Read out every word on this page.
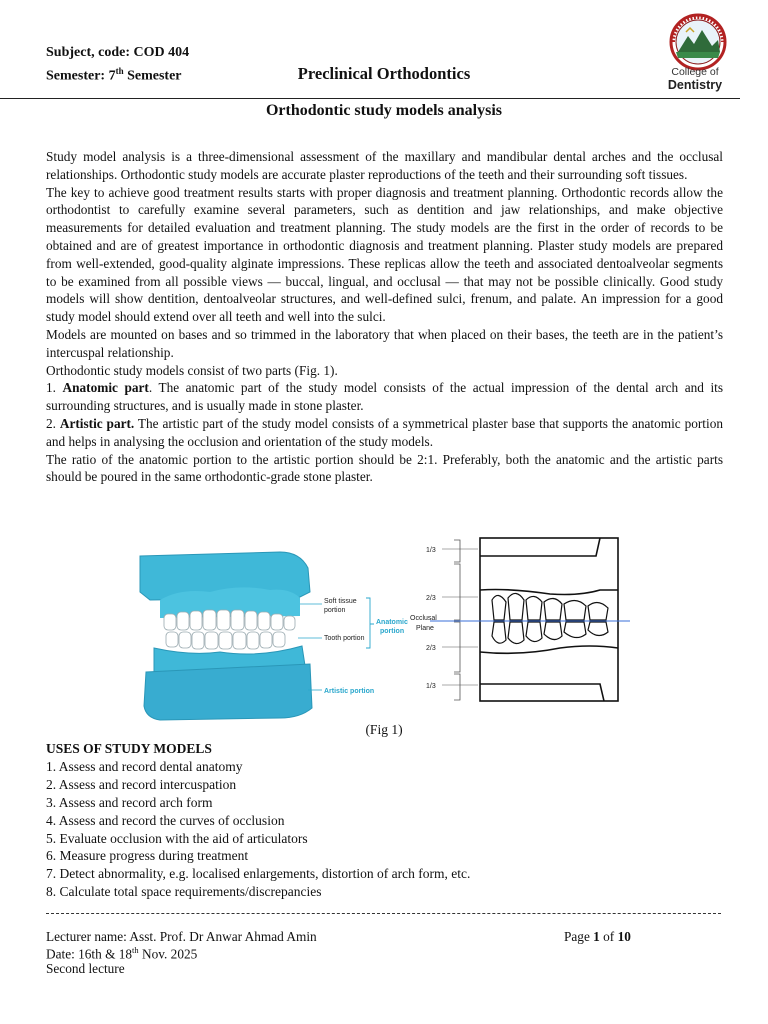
Subject, code: COD 404
Semester: 7th Semester	Preclinical Orthodontics	College of
Dentistry
Orthodontic study models analysis

Study model analysis is a three-dimensional assessment of the maxillary and mandibular dental arches and the occlusal relationships. Orthodontic study models are accurate plaster reproductions of the teeth and their surrounding soft tissues.

The key to achieve good treatment results starts with proper diagnosis and treatment planning. Orthodontic records allow the orthodontist to carefully examine several parameters, such as dentition and jaw relationships, and make objective measurements for detailed evaluation and treatment planning. The study models are the first in the order of records to be obtained and are of greatest importance in orthodontic diagnosis and treatment planning. Plaster study models are prepared from well-extended, good-quality alginate impressions. These replicas allow the teeth and associated dentoalveolar segments to be examined from all possible views — buccal, lingual, and occlusal — that may not be possible clinically. Good study models will show dentition, dentoalveolar structures, and well-defined sulci, frenum, and palate. An impression for a good study model should extend over all teeth and well into the sulci.

Models are mounted on bases and so trimmed in the laboratory that when placed on their bases, the teeth are in the patient’s intercuspal relationship.

Orthodontic study models consist of two parts (Fig. 1).

1. Anatomic part. The anatomic part of the study model consists of the actual impression of the dental arch and its surrounding structures, and is usually made in stone plaster.

2. Artistic part. The artistic part of the study model consists of a symmetrical plaster base that supports the anatomic portion and helps in analysing the occlusion and orientation of the study models.

The ratio of the anatomic portion to the artistic portion should be 2:1. Preferably, both the anatomic and the artistic parts should be poured in the same orthodontic-grade stone plaster.

Soft tissue
portion
Tooth portion
Anatomic
portion
Artistic portion
1/3
2/3
Occlusal
Plane
2/3
1/3
(Fig 1)
USES OF STUDY MODELS
1. Assess and record dental anatomy
2. Assess and record intercuspation
3. Assess and record arch form
4. Assess and record the curves of occlusion
5. Evaluate occlusion with the aid of articulators
6. Measure progress during treatment
7. Detect abnormality, e.g. localised enlargements, distortion of arch form, etc.
8. Calculate total space requirements/discrepancies
Lecturer name: Asst. Prof. Dr Anwar Ahmad Amin	Page 1 of 10
Date: 16th & 18th Nov. 2025
Second lecture
